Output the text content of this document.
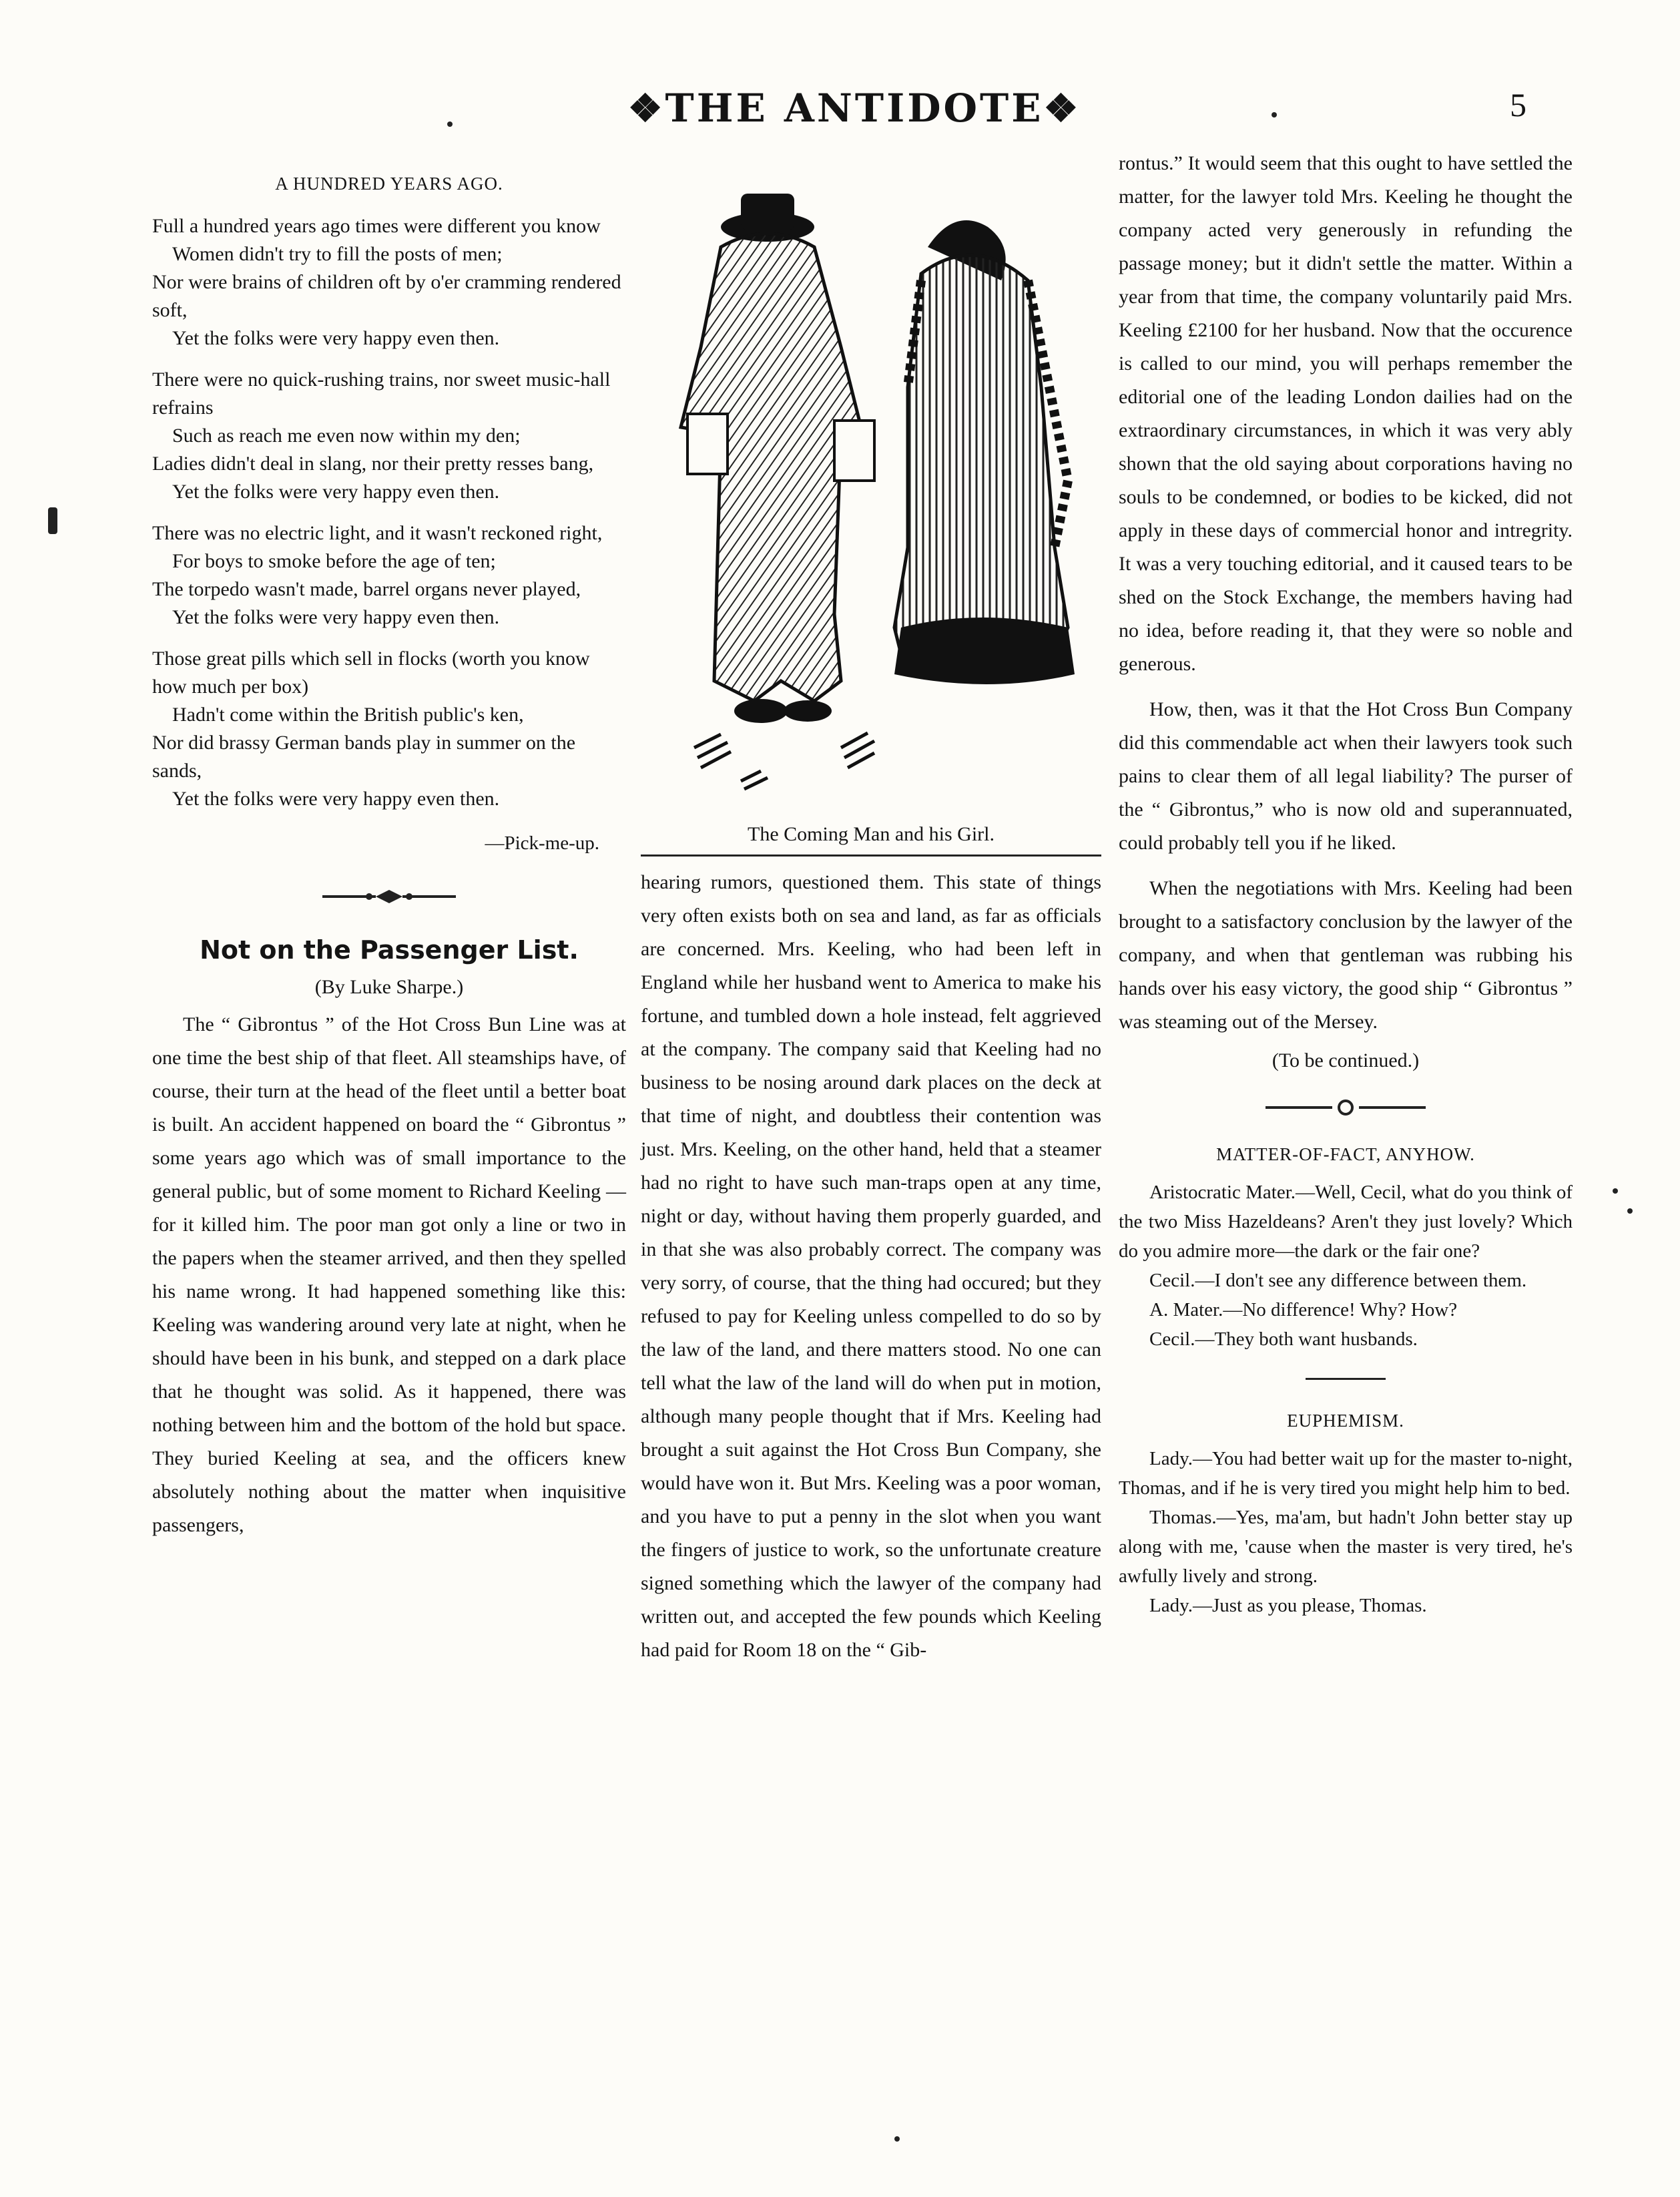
❖THE ANTIDOTE❖	5
A HUNDRED YEARS AGO.
Full a hundred years ago times were different you know
Women didn't try to fill the posts of men;
Nor were brains of children oft by o'er cramming rendered soft,
Yet the folks were very happy even then.
There were no quick-rushing trains, nor sweet music-hall refrains
Such as reach me even now within my den;
Ladies didn't deal in slang, nor their pretty resses bang,
Yet the folks were very happy even then.
There was no electric light, and it wasn't reckoned right,
For boys to smoke before the age of ten;
The torpedo wasn't made, barrel organs never played,
Yet the folks were very happy even then.
Those great pills which sell in flocks (worth you know how much per box)
Hadn't come within the British public's ken,
Nor did brassy German bands play in summer on the sands,
Yet the folks were very happy even then.
—Pick-me-up.
Not on the Passenger List.
(By Luke Sharpe.)

The “ Gibrontus ” of the Hot Cross Bun Line was at one time the best ship of that fleet. All steamships have, of course, their turn at the head of the fleet until a better boat is built. An accident happened on board the “ Gibrontus ” some years ago which was of small importance to the general public, but of some moment to Richard Keeling —for it killed him. The poor man got only a line or two in the papers when the steamer arrived, and then they spelled his name wrong. It had happened something like this: Keeling was wandering around very late at night, when he should have been in his bunk, and stepped on a dark place that he thought was solid. As it happened, there was nothing between him and the bottom of the hold but space. They buried Keeling at sea, and the officers knew absolutely nothing about the matter when inquisitive passengers,

The Coming Man and his Girl.

hearing rumors, questioned them. This state of things very often exists both on sea and land, as far as officials are concerned. Mrs. Keeling, who had been left in England while her husband went to America to make his fortune, and tumbled down a hole instead, felt aggrieved at the company. The company said that Keeling had no business to be nosing around dark places on the deck at that time of night, and doubtless their contention was just. Mrs. Keeling, on the other hand, held that a steamer had no right to have such man-traps open at any time, night or day, without having them properly guarded, and in that she was also probably correct. The company was very sorry, of course, that the thing had occured; but they refused to pay for Keeling unless compelled to do so by the law of the land, and there matters stood. No one can tell what the law of the land will do when put in motion, although many people thought that if Mrs. Keeling had brought a suit against the Hot Cross Bun Company, she would have won it. But Mrs. Keeling was a poor woman, and you have to put a penny in the slot when you want the fingers of justice to work, so the unfortunate creature signed something which the lawyer of the company had written out, and accepted the few pounds which Keeling had paid for Room 18 on the “ Gib-

rontus.” It would seem that this ought to have settled the matter, for the lawyer told Mrs. Keeling he thought the company acted very generously in refunding the passage money; but it didn't settle the matter. Within a year from that time, the company voluntarily paid Mrs. Keeling £2100 for her husband. Now that the occurence is called to our mind, you will perhaps remember the editorial one of the leading London dailies had on the extraordinary circumstances, in which it was very ably shown that the old saying about corporations having no souls to be condemned, or bodies to be kicked, did not apply in these days of commercial honor and intregrity. It was a very touching editorial, and it caused tears to be shed on the Stock Exchange, the members having had no idea, before reading it, that they were so noble and generous.

How, then, was it that the Hot Cross Bun Company did this commendable act when their lawyers took such pains to clear them of all legal liability? The purser of the “ Gibrontus,” who is now old and superannuated, could probably tell you if he liked.

When the negotiations with Mrs. Keeling had been brought to a satisfactory conclusion by the lawyer of the company, and when that gentleman was rubbing his hands over his easy victory, the good ship “ Gibrontus ” was steaming out of the Mersey.

(To be continued.)
MATTER-OF-FACT, ANYHOW.

Aristocratic Mater.—Well, Cecil, what do you think of the two Miss Hazeldeans? Aren't they just lovely? Which do you admire more—the dark or the fair one?

Cecil.—I don't see any difference between them.

A. Mater.—No difference! Why? How?

Cecil.—They both want husbands.

EUPHEMISM.

Lady.—You had better wait up for the master to-night, Thomas, and if he is very tired you might help him to bed.

Thomas.—Yes, ma'am, but hadn't John better stay up along with me, 'cause when the master is very tired, he's awfully lively and strong.

Lady.—Just as you please, Thomas.
